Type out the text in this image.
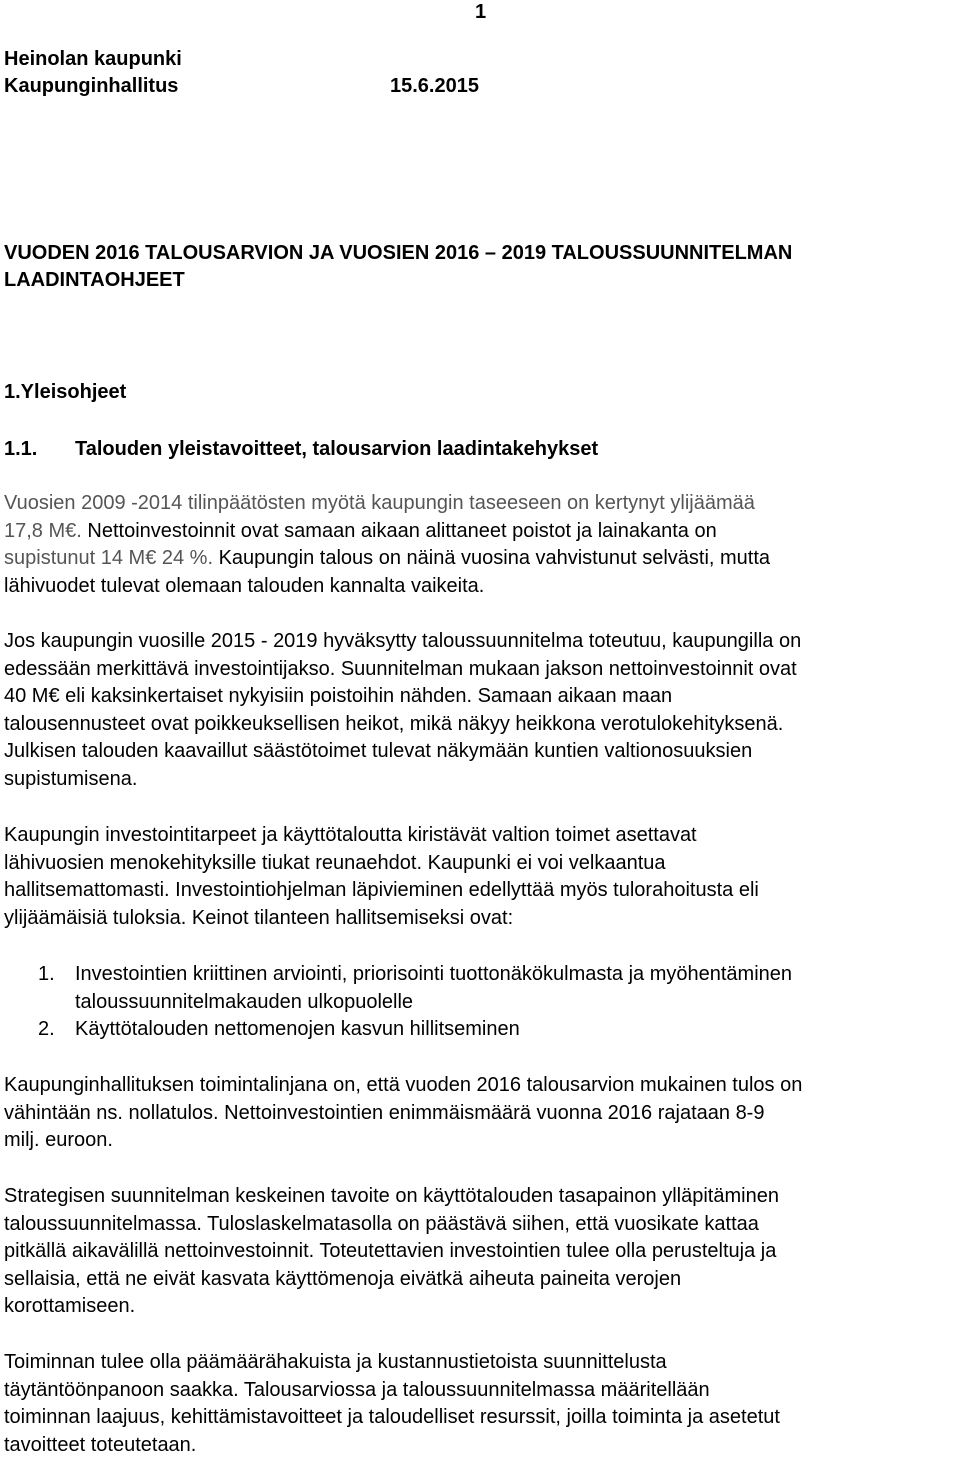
1
Heinolan kaupunki
Kaupunginhallitus	15.6.2015
VUODEN 2016 TALOUSARVION JA VUOSIEN 2016 – 2019 TALOUSSUUNNITELMAN
LAADINTAOHJEET
1.Yleisohjeet
1.1. Talouden yleistavoitteet, talousarvion laadintakehykset
Vuosien 2009 -2014 tilinpäätösten myötä kaupungin taseeseen on kertynyt ylijäämää
17,8 M€. Nettoinvestoinnit ovat samaan aikaan alittaneet poistot ja lainakanta on
supistunut 14 M€ 24 %. Kaupungin talous on näinä vuosina vahvistunut selvästi, mutta
lähivuodet tulevat olemaan talouden kannalta vaikeita.
Jos kaupungin vuosille 2015 - 2019 hyväksytty taloussuunnitelma toteutuu, kaupungilla on
edessään merkittävä investointijakso. Suunnitelman mukaan jakson nettoinvestoinnit ovat
40 M€ eli kaksinkertaiset nykyisiin poistoihin nähden. Samaan aikaan maan
talousennusteet ovat poikkeuksellisen heikot, mikä näkyy heikkona verotulokehityksenä.
Julkisen talouden kaavaillut säästötoimet tulevat näkymään kuntien valtionosuuksien
supistumisena.
Kaupungin investointitarpeet ja käyttötaloutta kiristävät valtion toimet asettavat
lähivuosien menokehityksille tiukat reunaehdot. Kaupunki ei voi velkaantua
hallitsemattomasti. Investointiohjelman läpivieminen edellyttää myös tulorahoitusta eli
ylijäämäisiä tuloksia. Keinot tilanteen hallitsemiseksi ovat:
1. Investointien kriittinen arviointi, priorisointi tuottonäkökulmasta ja myöhentäminen
taloussuunnitelmakauden ulkopuolelle
2. Käyttötalouden nettomenojen kasvun hillitseminen
Kaupunginhallituksen toimintalinjana on, että vuoden 2016 talousarvion mukainen tulos on
vähintään ns. nollatulos. Nettoinvestointien enimmäismäärä vuonna 2016 rajataan 8-9
milj. euroon.
Strategisen suunnitelman keskeinen tavoite on käyttötalouden tasapainon ylläpitäminen
taloussuunnitelmassa. Tuloslaskelmatasolla on päästävä siihen, että vuosikate kattaa
pitkällä aikavälillä nettoinvestoinnit. Toteutettavien investointien tulee olla perusteltuja ja
sellaisia, että ne eivät kasvata käyttömenoja eivätkä aiheuta paineita verojen
korottamiseen.
Toiminnan tulee olla päämäärähakuista ja kustannustietoista suunnittelusta
täytäntöönpanoon saakka. Talousarviossa ja taloussuunnitelmassa määritellään
toiminnan laajuus, kehittämistavoitteet ja taloudelliset resurssit, joilla toiminta ja asetetut
tavoitteet toteutetaan.
